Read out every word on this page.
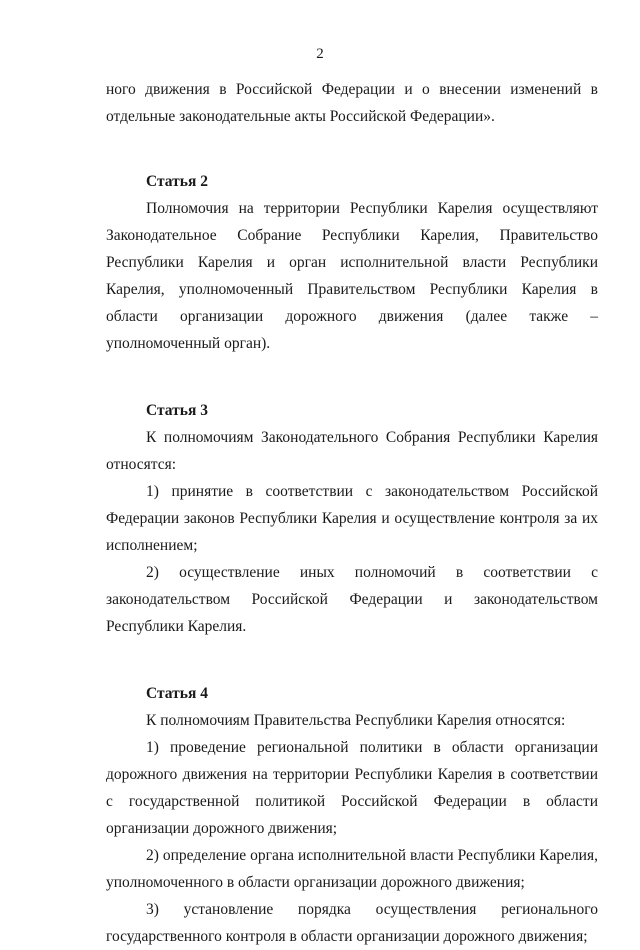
2

ного движения в Российской Федерации и о внесении изменений в отдельные законодательные акты Российской Федерации».

Статья 2

Полномочия на территории Республики Карелия осуществляют Законодательное Собрание Республики Карелия, Правительство Республики Карелия и орган исполнительной власти Республики Карелия, уполномоченный Правительством Республики Карелия в области организации дорожного движения (далее также – уполномоченный орган).

Статья 3

К полномочиям Законодательного Собрания Республики Карелия относятся:

1) принятие в соответствии с законодательством Российской Федерации законов Республики Карелия и осуществление контроля за их исполнением;

2) осуществление иных полномочий в соответствии с законодательством Российской Федерации и законодательством Республики Карелия.

Статья 4

К полномочиям Правительства Республики Карелия относятся:

1) проведение региональной политики в области организации дорожного движения на территории Республики Карелия в соответствии с государственной политикой Российской Федерации в области организации дорожного движения;

2) определение органа исполнительной власти Республики Карелия, уполномоченного в области организации дорожного движения;

3) установление порядка осуществления регионального государственного контроля в области организации дорожного движения;
